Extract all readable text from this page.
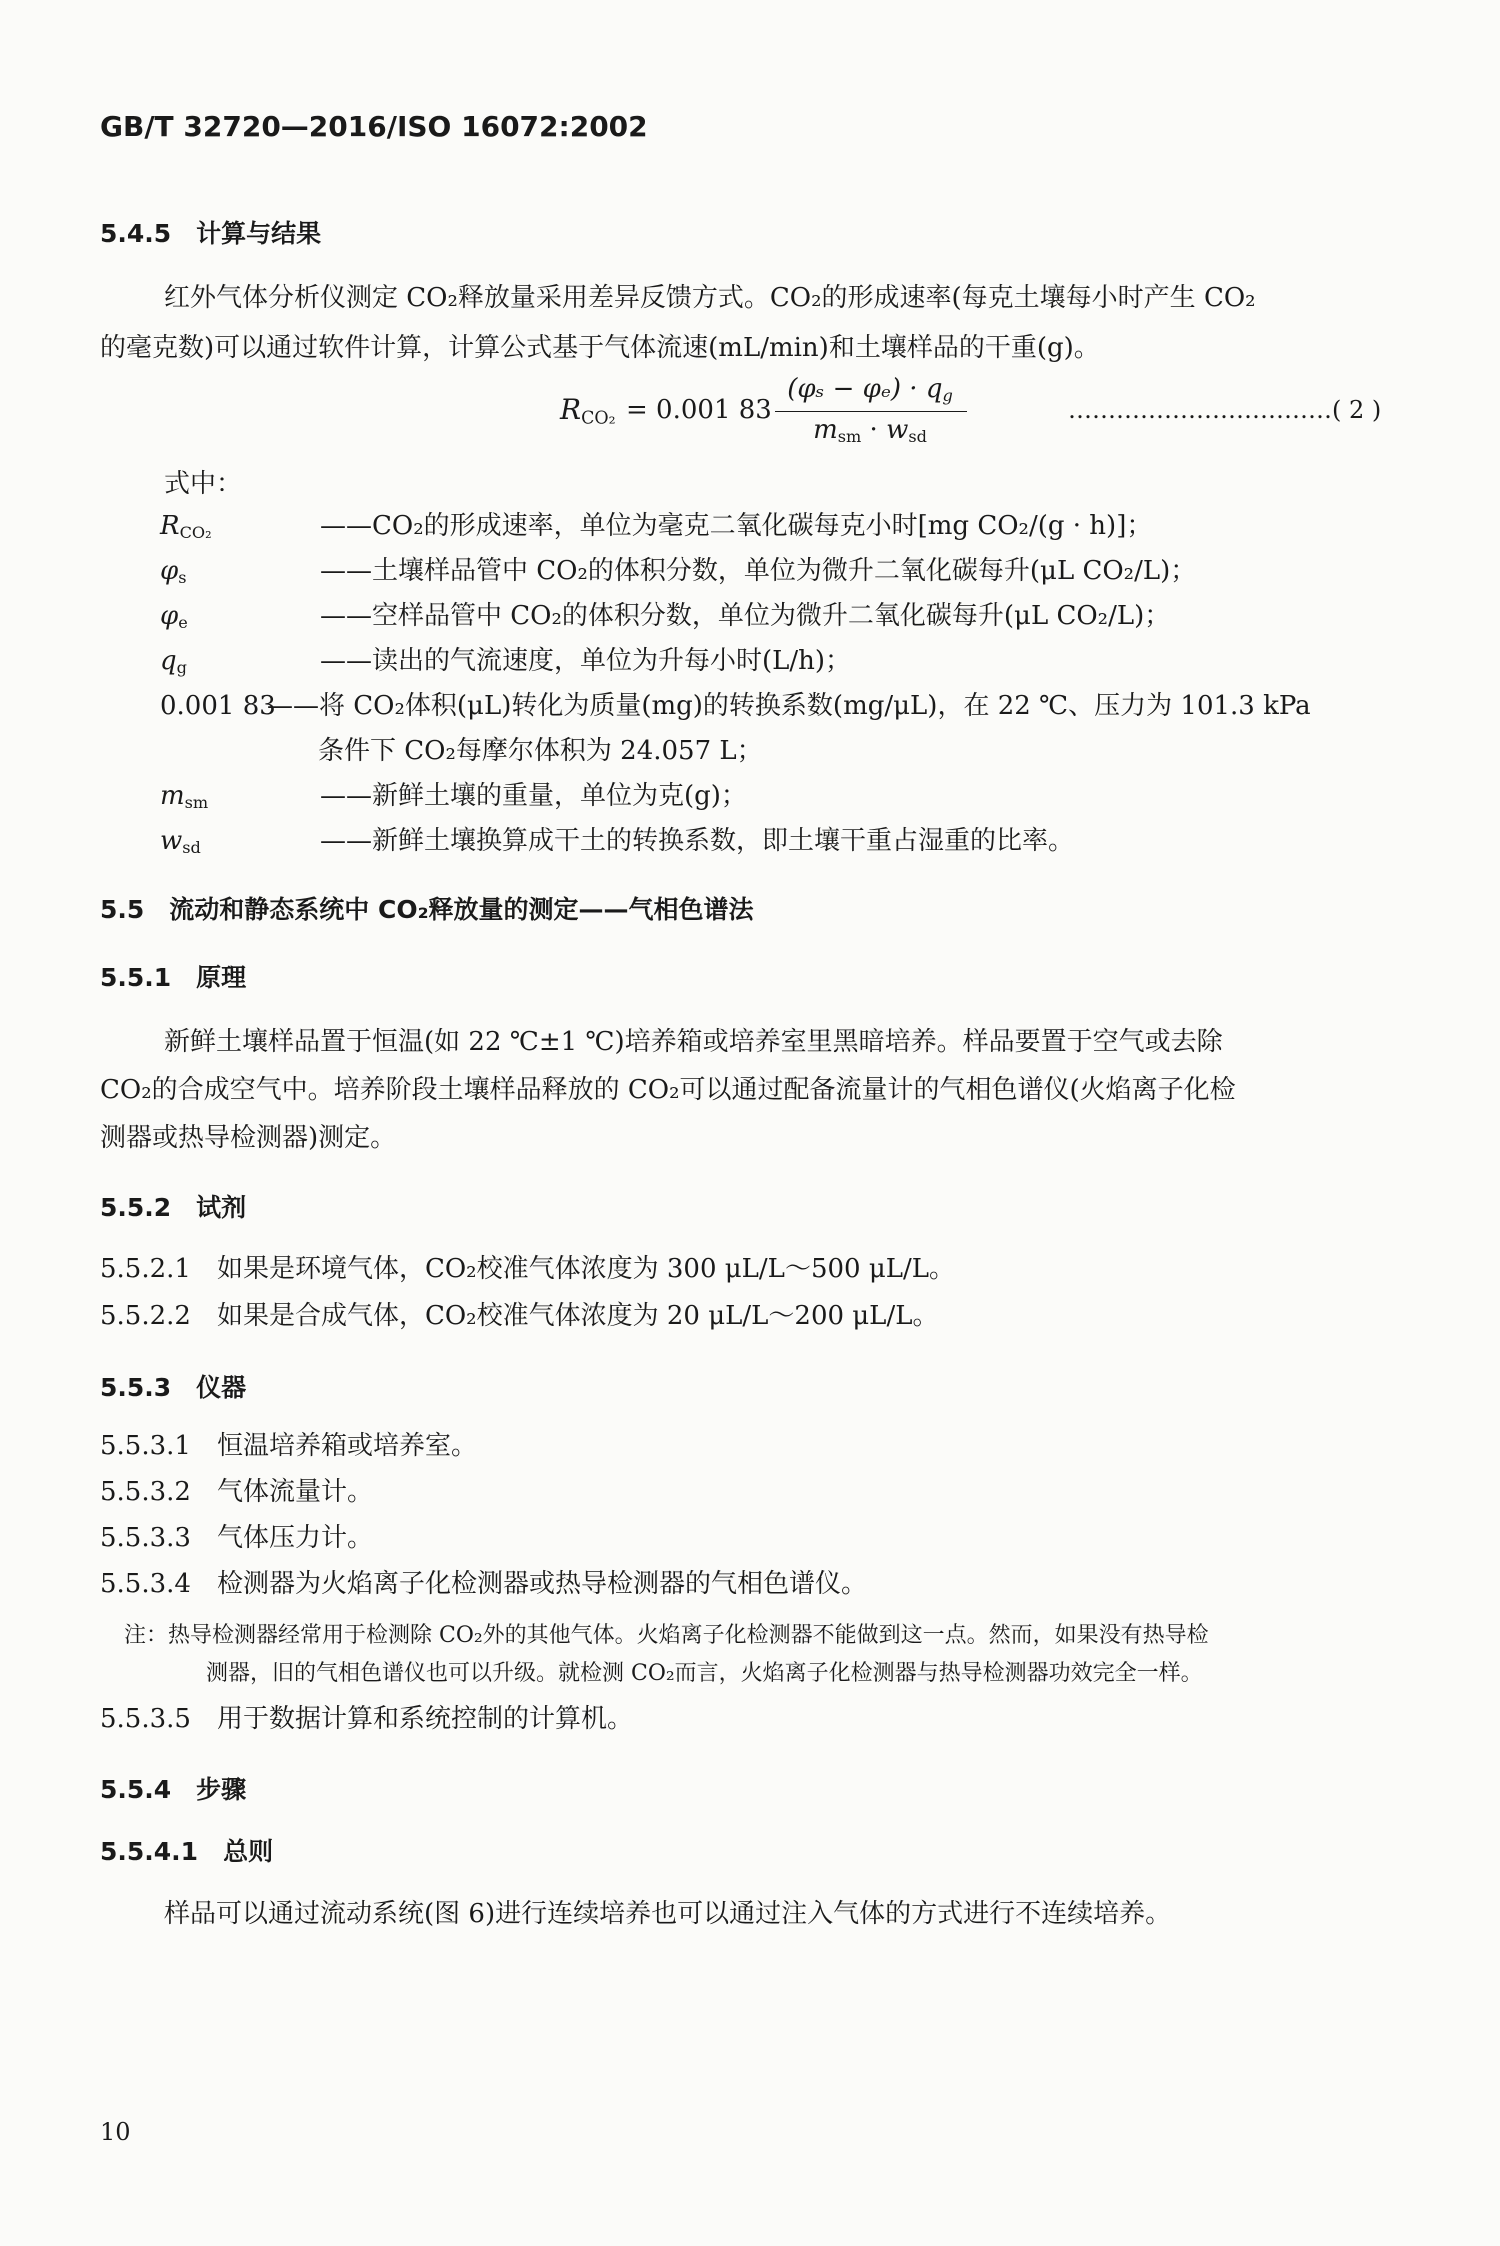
GB/T 32720—2016/ISO 16072:2002
5.4.5　计算与结果
红外气体分析仪测定 CO₂释放量采用差异反馈方式。CO₂的形成速率(每克土壤每小时产生 CO₂
的毫克数)可以通过软件计算，计算公式基于气体流速(mL/min)和土壤样品的干重(g)。
$R_{CO_2} = 0.001$ 83
$(\varphi_s - \varphi_e) \cdot q_g$
$m_{sm} \cdot w_{sd}$
……………………………( 2 )
式中：
$R_{CO_2}$	——CO₂的形成速率，单位为毫克二氧化碳每克小时[mg CO₂/(g · h)]；
$\varphi_s$	——土壤样品管中 CO₂的体积分数，单位为微升二氧化碳每升(μL CO₂/L)；
$\varphi_e$	——空样品管中 CO₂的体积分数，单位为微升二氧化碳每升(μL CO₂/L)；
$q_g$	——读出的气流速度，单位为升每小时(L/h)；
0.001 83
——将 CO₂体积(μL)转化为质量(mg)的转换系数(mg/μL)，在 22 ℃、压力为 101.3 kPa
条件下 CO₂每摩尔体积为 24.057 L；
$m_{sm}$	——新鲜土壤的重量，单位为克(g)；
$w_{sd}$	——新鲜土壤换算成干土的转换系数，即土壤干重占湿重的比率。
5.5　流动和静态系统中 CO₂释放量的测定——气相色谱法
5.5.1　原理
新鲜土壤样品置于恒温(如 22 ℃±1 ℃)培养箱或培养室里黑暗培养。样品要置于空气或去除
CO₂的合成空气中。培养阶段土壤样品释放的 CO₂可以通过配备流量计的气相色谱仪(火焰离子化检
测器或热导检测器)测定。
5.5.2　试剂
5.5.2.1　如果是环境气体，CO₂校准气体浓度为 300 μL/L～500 μL/L。
5.5.2.2　如果是合成气体，CO₂校准气体浓度为 20 μL/L～200 μL/L。
5.5.3　仪器
5.5.3.1　恒温培养箱或培养室。
5.5.3.2　气体流量计。
5.5.3.3　气体压力计。
5.5.3.4　检测器为火焰离子化检测器或热导检测器的气相色谱仪。
注：热导检测器经常用于检测除 CO₂外的其他气体。火焰离子化检测器不能做到这一点。然而，如果没有热导检
测器，旧的气相色谱仪也可以升级。就检测 CO₂而言，火焰离子化检测器与热导检测器功效完全一样。
5.5.3.5　用于数据计算和系统控制的计算机。
5.5.4　步骤
5.5.4.1　总则
样品可以通过流动系统(图 6)进行连续培养也可以通过注入气体的方式进行不连续培养。
10
